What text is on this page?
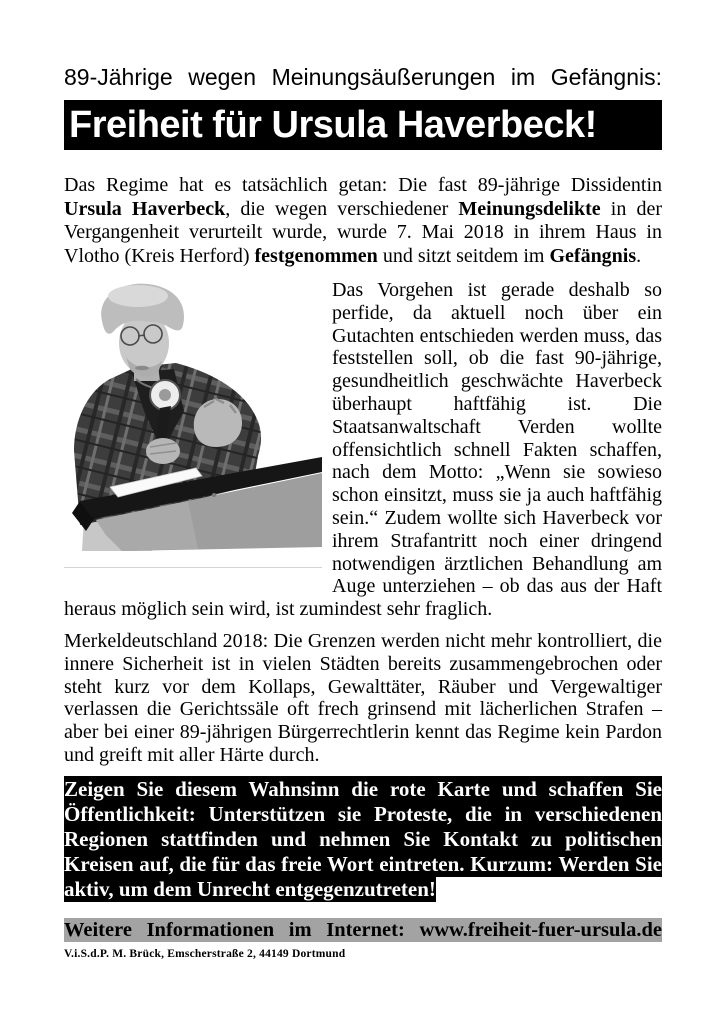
89-Jährige wegen Meinungsäußerungen im Gefängnis:

Freiheit für Ursula Haverbeck!

Das Regime hat es tatsächlich getan: Die fast 89-jährige Dissidentin Ursula Haverbeck, die wegen verschiedener Meinungsdelikte in der Vergangenheit verurteilt wurde, wurde 7. Mai 2018 in ihrem Haus in Vlotho (Kreis Herford) festgenommen und sitzt seitdem im Gefängnis.

Das Vorgehen ist gerade deshalb so perfide, da aktuell noch über ein Gutachten entschieden werden muss, das feststellen soll, ob die fast 90-jährige, gesundheitlich geschwächte Haverbeck überhaupt haftfähig ist. Die Staatsanwaltschaft Verden wollte offensichtlich schnell Fakten schaffen, nach dem Motto: „Wenn sie sowieso schon einsitzt, muss sie ja auch haftfähig sein.“ Zudem wollte sich Haverbeck vor ihrem Strafantritt noch einer dringend notwendigen ärztlichen Behandlung am Auge unterziehen – ob das aus der Haft heraus möglich sein wird, ist zumindest sehr fraglich.

Merkeldeutschland 2018: Die Grenzen werden nicht mehr kontrolliert, die innere Sicherheit ist in vielen Städten bereits zusammengebrochen oder steht kurz vor dem Kollaps, Gewalttäter, Räuber und Vergewaltiger verlassen die Gerichtssäle oft frech grinsend mit lächerlichen Strafen – aber bei einer 89-jährigen Bürgerrechtlerin kennt das Regime kein Pardon und greift mit aller Härte durch.

Zeigen Sie diesem Wahnsinn die rote Karte und schaffen Sie Öffentlichkeit: Unterstützen sie Proteste, die in verschiedenen Regionen stattfinden und nehmen Sie Kontakt zu politischen Kreisen auf, die für das freie Wort eintreten. Kurzum: Werden Sie aktiv, um dem Unrecht entgegenzutreten!

Weitere Informationen im Internet: www.freiheit-fuer-ursula.de

V.i.S.d.P. M. Brück, Emscherstraße 2, 44149 Dortmund
